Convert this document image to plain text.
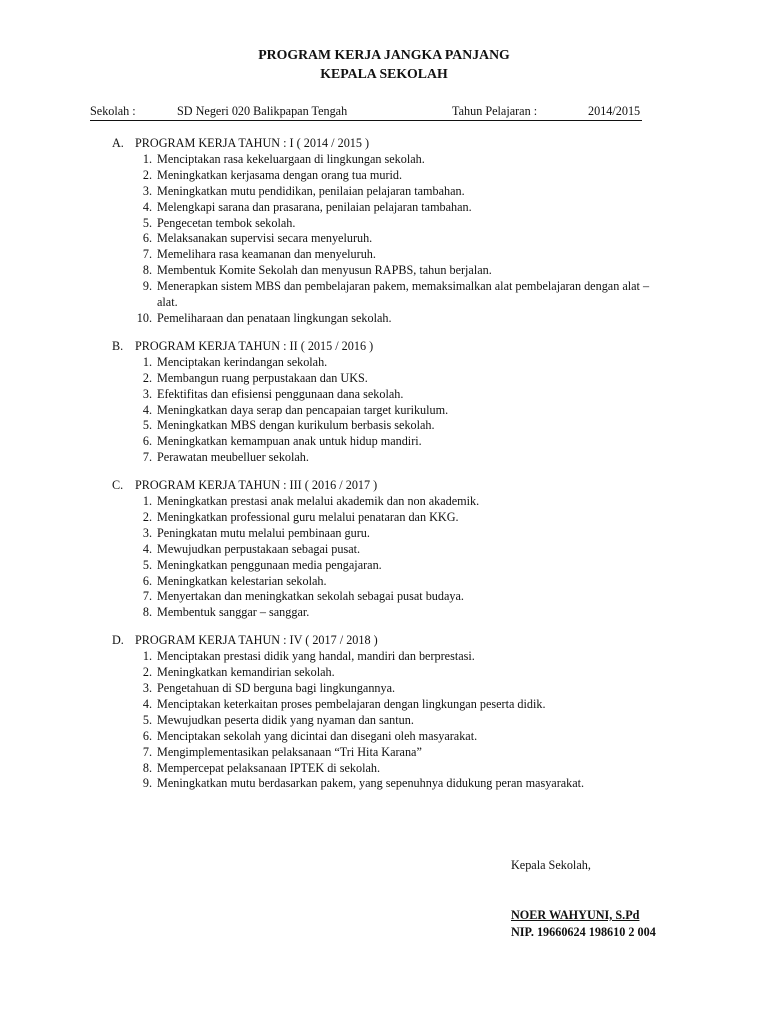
PROGRAM KERJA JANGKA PANJANG
KEPALA SEKOLAH
Sekolah :	SD Negeri 020 Balikpapan Tengah	Tahun Pelajaran :	2014/2015
A. PROGRAM KERJA TAHUN : I ( 2014 / 2015 )
1. Menciptakan rasa kekeluargaan di lingkungan sekolah.
2. Meningkatkan kerjasama dengan orang tua murid.
3. Meningkatkan mutu pendidikan, penilaian pelajaran tambahan.
4. Melengkapi sarana dan prasarana, penilaian pelajaran tambahan.
5. Pengecetan tembok sekolah.
6. Melaksanakan supervisi secara menyeluruh.
7. Memelihara rasa keamanan dan menyeluruh.
8. Membentuk Komite Sekolah dan menyusun RAPBS, tahun berjalan.
9. Menerapkan sistem MBS dan pembelajaran pakem, memaksimalkan alat pembelajaran dengan alat – alat.
10. Pemeliharaan dan penataan lingkungan sekolah.
B. PROGRAM KERJA TAHUN : II ( 2015 / 2016 )
1. Menciptakan kerindangan sekolah.
2. Membangun ruang perpustakaan dan UKS.
3. Efektifitas dan efisiensi penggunaan dana sekolah.
4. Meningkatkan daya serap dan pencapaian target kurikulum.
5. Meningkatkan MBS dengan kurikulum berbasis sekolah.
6. Meningkatkan kemampuan anak untuk hidup mandiri.
7. Perawatan meubelluer sekolah.
C. PROGRAM KERJA TAHUN : III ( 2016 / 2017 )
1. Meningkatkan prestasi anak melalui akademik dan non akademik.
2. Meningkatkan professional guru melalui penataran dan KKG.
3. Peningkatan mutu melalui pembinaan guru.
4. Mewujudkan perpustakaan sebagai pusat.
5. Meningkatkan penggunaan media pengajaran.
6. Meningkatkan kelestarian sekolah.
7. Menyertakan dan meningkatkan sekolah sebagai pusat budaya.
8. Membentuk sanggar – sanggar.
D. PROGRAM KERJA TAHUN : IV ( 2017 / 2018 )
1. Menciptakan prestasi didik yang handal, mandiri dan berprestasi.
2. Meningkatkan kemandirian sekolah.
3. Pengetahuan di SD berguna bagi lingkungannya.
4. Menciptakan keterkaitan proses pembelajaran dengan lingkungan peserta didik.
5. Mewujudkan peserta didik yang nyaman dan santun.
6. Menciptakan sekolah yang dicintai dan disegani oleh masyarakat.
7. Mengimplementasikan pelaksanaan “Tri Hita Karana”
8. Mempercepat pelaksanaan IPTEK di sekolah.
9. Meningkatkan mutu berdasarkan pakem, yang sepenuhnya didukung peran masyarakat.
Kepala Sekolah,
NOER WAHYUNI, S.Pd
NIP. 19660624 198610 2 004
